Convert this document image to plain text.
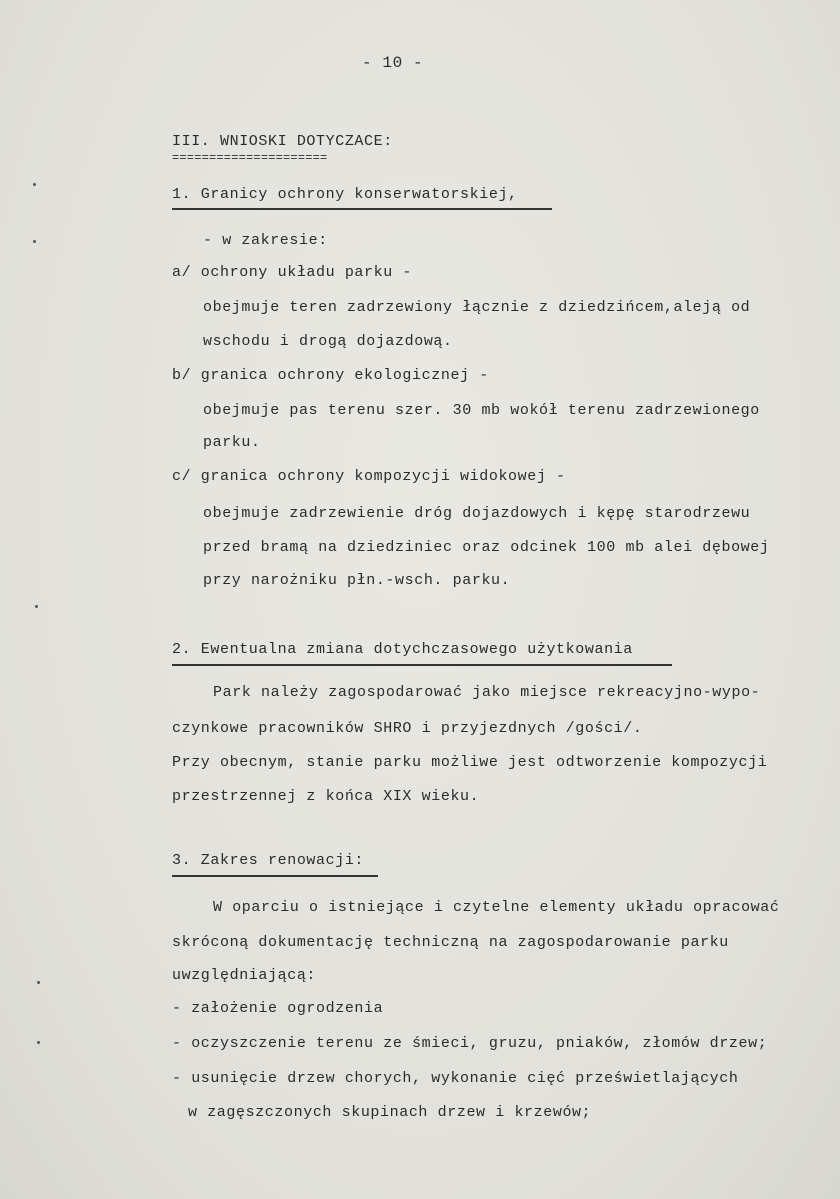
- 10 -
III. WNIOSKI DOTYCZACE:
=====================
1. Granicy ochrony konserwatorskiej,
- w zakresie:
a/ ochrony układu parku -
obejmuje teren zadrzewiony łącznie z dziedzińcem,aleją od
wschodu i drogą dojazdową.
b/ granica ochrony ekologicznej -
obejmuje pas terenu szer. 30 mb wokół terenu zadrzewionego
parku.
c/ granica ochrony kompozycji widokowej -
obejmuje zadrzewienie dróg dojazdowych i kępę starodrzewu
przed bramą na dziedziniec oraz odcinek 100 mb alei dębowej
przy narożniku płn.-wsch. parku.
2. Ewentualna zmiana dotychczasowego użytkowania
Park należy zagospodarować jako miejsce rekreacyjno-wypo-
czynkowe pracowników SHRO i przyjezdnych /gości/.
Przy obecnym, stanie parku możliwe jest odtworzenie kompozycji
przestrzennej z końca XIX wieku.
3. Zakres renowacji:
W oparciu o istniejące i czytelne elementy układu opracować
skróconą dokumentację techniczną na zagospodarowanie parku
uwzględniającą:
- założenie ogrodzenia
- oczyszczenie terenu ze śmieci, gruzu, pniaków, złomów drzew;
- usunięcie drzew chorych, wykonanie cięć prześwietlających
w zagęszczonych skupinach drzew i krzewów;
